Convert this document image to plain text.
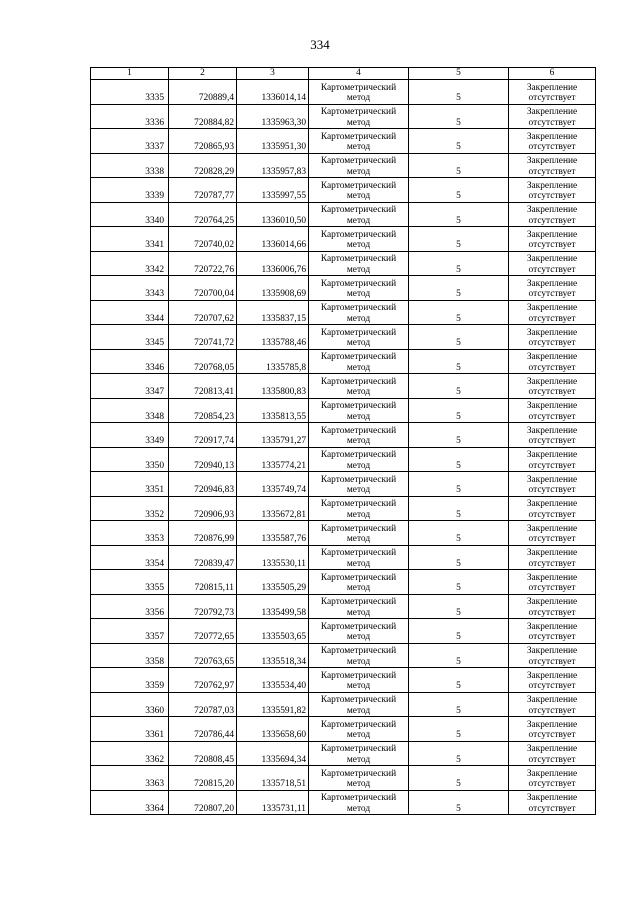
334
1	2	3	4	5	6
3335	720889,4	1336014,14	Картометрический
метод	5	Закрепление
отсутствует

3336	720884,82	1335963,30	Картометрический
метод	5	Закрепление
отсутствует

3337	720865,93	1335951,30	Картометрический
метод	5	Закрепление
отсутствует

3338	720828,29	1335957,83	Картометрический
метод	5	Закрепление
отсутствует

3339	720787,77	1335997,55	Картометрический
метод	5	Закрепление
отсутствует

3340	720764,25	1336010,50	Картометрический
метод	5	Закрепление
отсутствует

3341	720740,02	1336014,66	Картометрический
метод	5	Закрепление
отсутствует

3342	720722,76	1336006,76	Картометрический
метод	5	Закрепление
отсутствует

3343	720700,04	1335908,69	Картометрический
метод	5	Закрепление
отсутствует

3344	720707,62	1335837,15	Картометрический
метод	5	Закрепление
отсутствует

3345	720741,72	1335788,46	Картометрический
метод	5	Закрепление
отсутствует

3346	720768,05	1335785,8	Картометрический
метод	5	Закрепление
отсутствует

3347	720813,41	1335800,83	Картометрический
метод	5	Закрепление
отсутствует

3348	720854,23	1335813,55	Картометрический
метод	5	Закрепление
отсутствует

3349	720917,74	1335791,27	Картометрический
метод	5	Закрепление
отсутствует

3350	720940,13	1335774,21	Картометрический
метод	5	Закрепление
отсутствует

3351	720946,83	1335749,74	Картометрический
метод	5	Закрепление
отсутствует

3352	720906,93	1335672,81	Картометрический
метод	5	Закрепление
отсутствует

3353	720876,99	1335587,76	Картометрический
метод	5	Закрепление
отсутствует

3354	720839,47	1335530,11	Картометрический
метод	5	Закрепление
отсутствует

3355	720815,11	1335505,29	Картометрический
метод	5	Закрепление
отсутствует

3356	720792,73	1335499,58	Картометрический
метод	5	Закрепление
отсутствует

3357	720772,65	1335503,65	Картометрический
метод	5	Закрепление
отсутствует

3358	720763,65	1335518,34	Картометрический
метод	5	Закрепление
отсутствует

3359	720762,97	1335534,40	Картометрический
метод	5	Закрепление
отсутствует

3360	720787,03	1335591,82	Картометрический
метод	5	Закрепление
отсутствует

3361	720786,44	1335658,60	Картометрический
метод	5	Закрепление
отсутствует

3362	720808,45	1335694,34	Картометрический
метод	5	Закрепление
отсутствует

3363	720815,20	1335718,51	Картометрический
метод	5	Закрепление
отсутствует

3364	720807,20	1335731,11	Картометрический
метод	5	Закрепление
отсутствует
